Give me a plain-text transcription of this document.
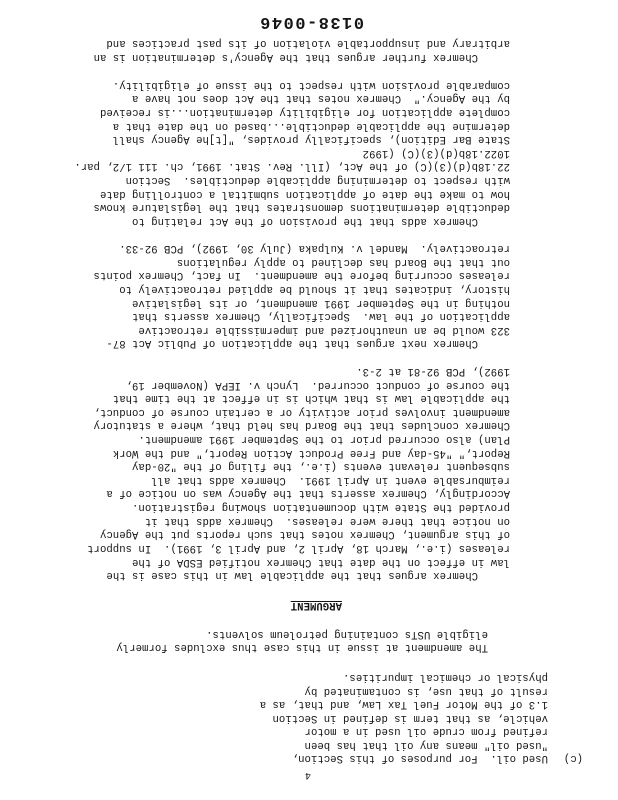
4
(c)
Used oil.  For purposes of this Section,
"used oil" means any oil that has been
refined from crude oil used in a motor
vehicle, as that term is defined in Section
1.3 of the Motor Fuel Tax Law, and that, as a
result of that use, is contaminated by
physical or chemical impurities.
The amendment at issue in this case thus excludes formerly
eligible USTs containing petroleum solvents.
ARGUMENT
Chemrex argues that the applicable law in this case is the
law in effect on the date that Chemrex notified ESDA of the
releases (i.e., March 18, April 2, and April 3, 1991).  In support
of this argument, Chemrex notes that such reports put the Agency
on notice that there were releases.  Chemrex adds that it
provided the State with documentation showing registration.
Accordingly, Chemrex asserts that the Agency was on notice of a
reimbursable event in April 1991.  Chemrex adds that all
subsequent relevant events (i.e., the filing of the "20-day
Report," "45-day and Free Product Action Report," and the Work
Plan) also occurred prior to the September 1991 amendment.
Chemrex concludes that the Board has held that, where a statutory
amendment involves prior activity or a certain course of conduct,
the applicable law is that which is in effect at the time that
the course of conduct occurred.  Lynch v. IEPA (November 19,
1992), PCB 92-81 at 2-3.
Chemrex next argues that the application of Public Act 87-
323 would be an unauthorized and impermissible retroactive
application of the law.  Specifically, Chemrex asserts that
nothing in the September 1991 amendment, or its legislative
history, indicates that it should be applied retroactively to
releases occurring before the amendment.  In fact, Chemrex points
out that the Board has declined to apply regulations
retroactively.  Mandel v. Kulpaka (July 30, 1992), PCB 92-33.
Chemrex adds that the provision of the Act relating to
deductible determinations demonstrates that the legislature knows
how to make the date of application submittal a controlling date
with respect to determining applicable deductibles.  Section
22.18b(d)(3)(C) of the Act, (Ill. Rev. Stat. 1991, ch. 111 1/2, par.
1022.18b(d)(3)(C) (1992
State Bar Edition), specifically provides, "[t]he Agency shall
determine the applicable deductible...based on the date that a
complete application for eligibility determination...is received
by the Agency."  Chemrex notes that the Act does not have a
comparable provision with respect to the issue of eligibility.
Chemrex further argues that the Agency's determination is an
arbitrary and insupportable violation of its past practices and
0138-0046
